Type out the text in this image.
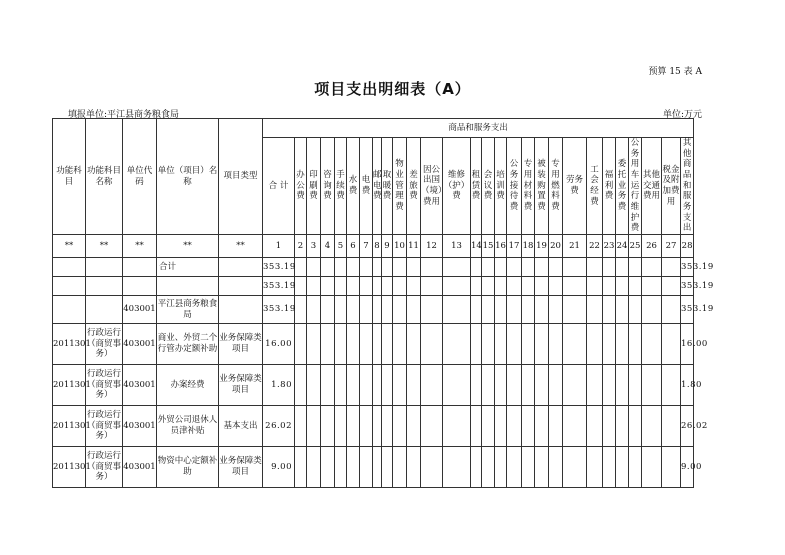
预算 15 表 A
项目支出明细表（A）
填报单位:平江县商务粮食局	单位:万元
功能科目	功能科目名称	单位代码	单位（项目）名称	项目类型	商品和服务支出																											
					合 计	办公费	印刷费	咨询费	手续费	水费	电费	邮电费	取暖费	物业管理费	差旅费	因公出国（境）费用	维修（护）费	租赁费	会议费	培训费	公务接待费	专用材料费	被装购置费	专用燃料费	劳务费	工会经费	福利费	委托业务费	公务用车运行维护费	其他交通费用	税金及附加费用	其他商品和服务支出
**	**	**	**	**	1	2	3	4	5	6	7	8	9	10	11	12	13	14	15	16	17	18	19	20	21	22	23	24	25	26	27	28
			合计		353.19																											353.19
					353.19																											353.19
		403001	平江县商务粮食局		353.19																											353.19
2011301	行政运行（商贸事务）	403001	商业、外贸二个行管办定额补助	业务保障类项目	16.00																											16.00
2011301	行政运行（商贸事务）	403001	办案经费	业务保障类项目	1.80																											1.80
2011301	行政运行（商贸事务）	403001	外贸公司退休人员津补贴	基本支出	26.02																											26.02
2011301	行政运行（商贸事务）	403001	物资中心定额补助	业务保障类项目	9.00																											9.00
